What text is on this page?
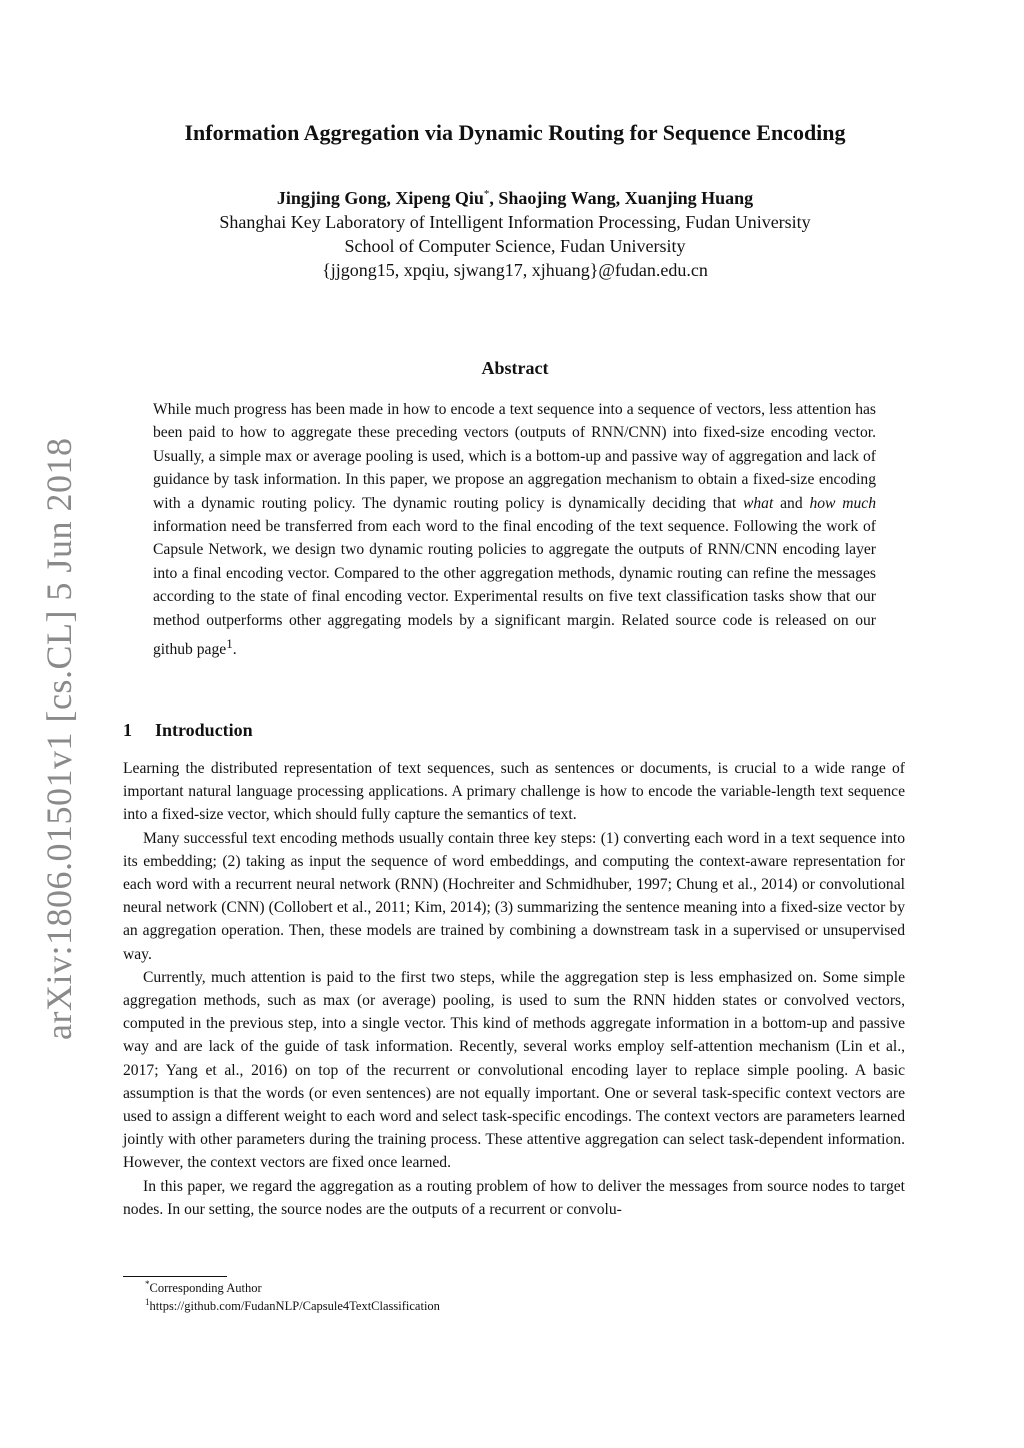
arXiv:1806.01501v1 [cs.CL] 5 Jun 2018
Information Aggregation via Dynamic Routing for Sequence Encoding
Jingjing Gong, Xipeng Qiu*, Shaojing Wang, Xuanjing Huang
Shanghai Key Laboratory of Intelligent Information Processing, Fudan University
School of Computer Science, Fudan University
{jjgong15, xpqiu, sjwang17, xjhuang}@fudan.edu.cn
Abstract
While much progress has been made in how to encode a text sequence into a sequence of vectors, less attention has been paid to how to aggregate these preceding vectors (outputs of RNN/CNN) into fixed-size encoding vector. Usually, a simple max or average pooling is used, which is a bottom-up and passive way of aggregation and lack of guidance by task information. In this paper, we propose an aggregation mechanism to obtain a fixed-size encoding with a dynamic routing policy. The dynamic routing policy is dynamically deciding that what and how much information need be transferred from each word to the final encoding of the text sequence. Following the work of Capsule Network, we design two dynamic routing policies to aggregate the outputs of RNN/CNN encoding layer into a final encoding vector. Compared to the other aggregation methods, dynamic routing can refine the messages according to the state of final encoding vector. Experimental results on five text classification tasks show that our method outperforms other aggregating models by a significant margin. Related source code is released on our github page$^1$.
1 Introduction

Learning the distributed representation of text sequences, such as sentences or documents, is crucial to a wide range of important natural language processing applications. A primary challenge is how to encode the variable-length text sequence into a fixed-size vector, which should fully capture the semantics of text.

Many successful text encoding methods usually contain three key steps: (1) converting each word in a text sequence into its embedding; (2) taking as input the sequence of word embeddings, and computing the context-aware representation for each word with a recurrent neural network (RNN) (Hochreiter and Schmidhuber, 1997; Chung et al., 2014) or convolutional neural network (CNN) (Collobert et al., 2011; Kim, 2014); (3) summarizing the sentence meaning into a fixed-size vector by an aggregation operation. Then, these models are trained by combining a downstream task in a supervised or unsupervised way.

Currently, much attention is paid to the first two steps, while the aggregation step is less emphasized on. Some simple aggregation methods, such as max (or average) pooling, is used to sum the RNN hidden states or convolved vectors, computed in the previous step, into a single vector. This kind of methods aggregate information in a bottom-up and passive way and are lack of the guide of task information. Recently, several works employ self-attention mechanism (Lin et al., 2017; Yang et al., 2016) on top of the recurrent or convolutional encoding layer to replace simple pooling. A basic assumption is that the words (or even sentences) are not equally important. One or several task-specific context vectors are used to assign a different weight to each word and select task-specific encodings. The context vectors are parameters learned jointly with other parameters during the training process. These attentive aggregation can select task-dependent information. However, the context vectors are fixed once learned.

In this paper, we regard the aggregation as a routing problem of how to deliver the messages from source nodes to target nodes. In our setting, the source nodes are the outputs of a recurrent or convolu-

*Corresponding Author
$^1$https://github.com/FudanNLP/Capsule4TextClassification
